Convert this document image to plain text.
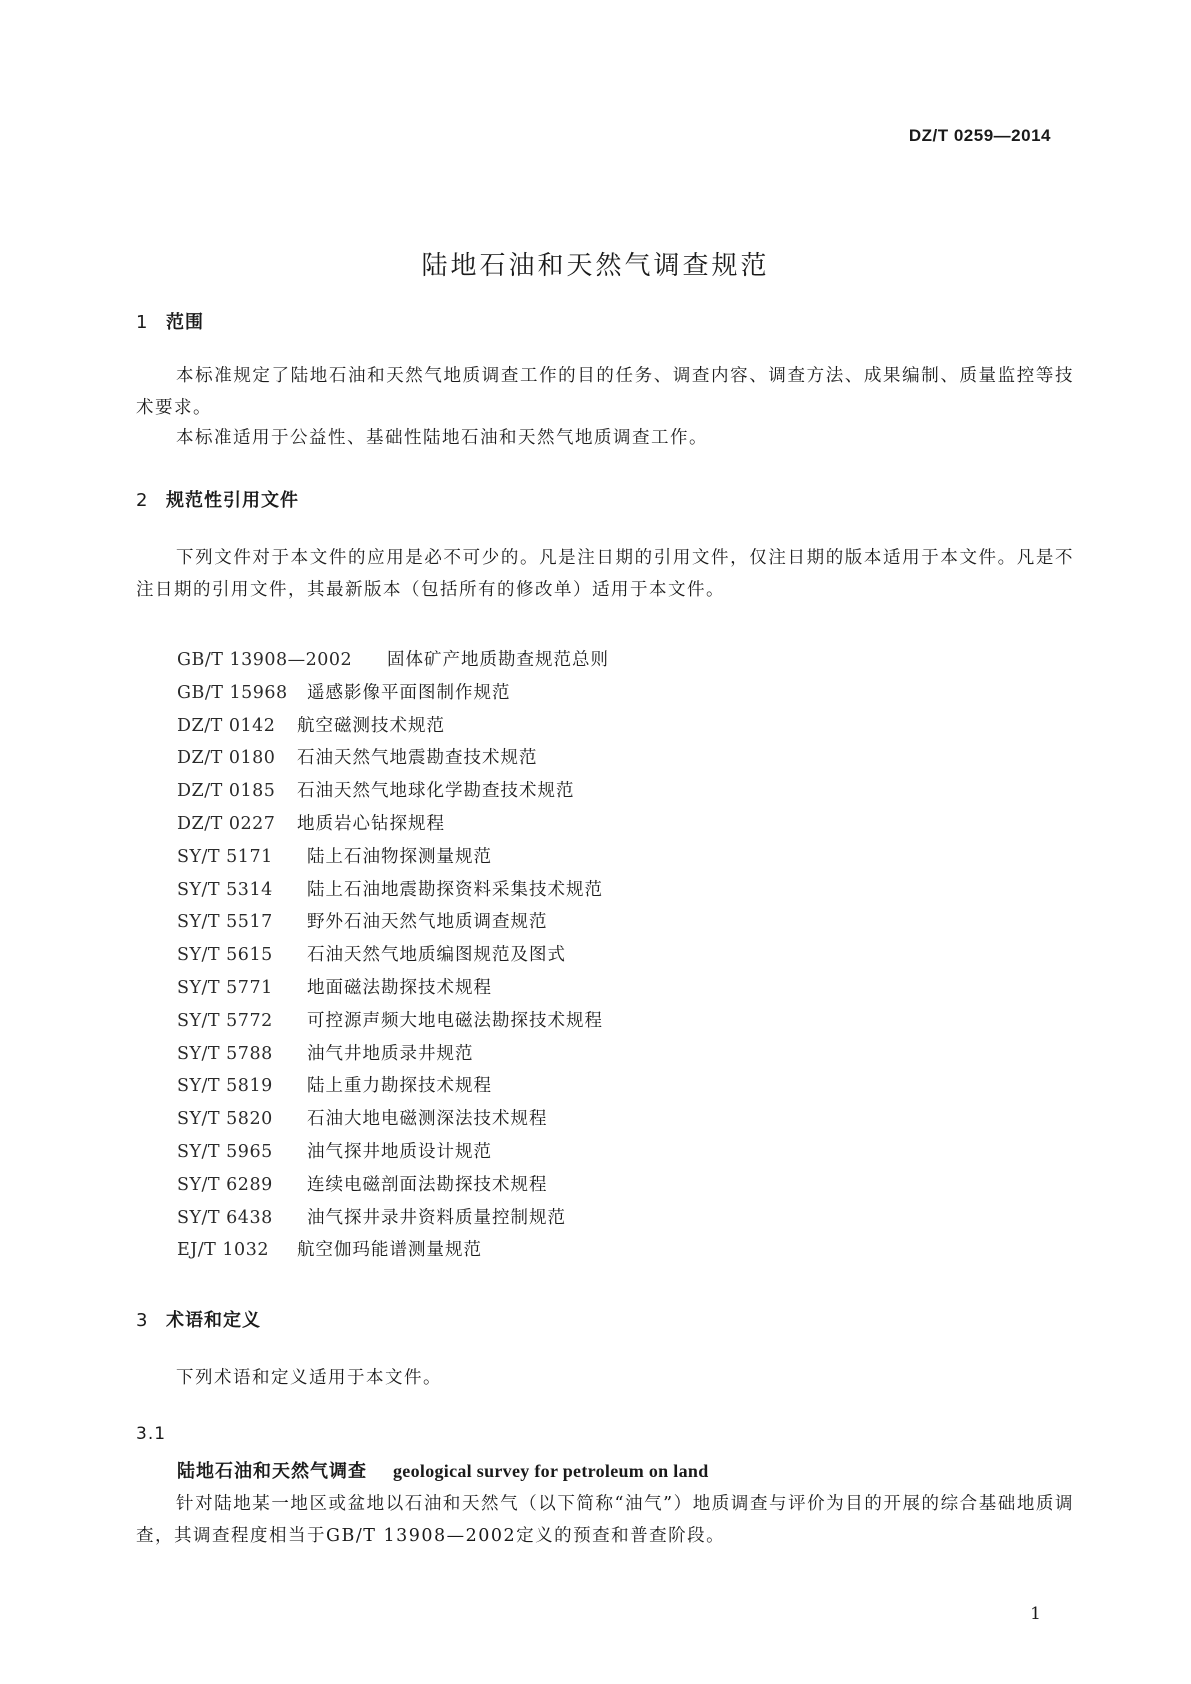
DZ/T 0259—2014
陆地石油和天然气调查规范
1 范围

本标准规定了陆地石油和天然气地质调查工作的目的任务、调查内容、调查方法、成果编制、质量监控等技术要求。

本标准适用于公益性、基础性陆地石油和天然气地质调查工作。

2 规范性引用文件

下列文件对于本文件的应用是必不可少的。凡是注日期的引用文件，仅注日期的版本适用于本文件。凡是不注日期的引用文件，其最新版本（包括所有的修改单）适用于本文件。

GB/T 13908—2002 固体矿产地质勘查规范总则
GB/T 15968 遥感影像平面图制作规范
DZ/T 0142 航空磁测技术规范
DZ/T 0180 石油天然气地震勘查技术规范
DZ/T 0185 石油天然气地球化学勘查技术规范
DZ/T 0227 地质岩心钻探规程
SY/T 5171 陆上石油物探测量规范
SY/T 5314 陆上石油地震勘探资料采集技术规范
SY/T 5517 野外石油天然气地质调查规范
SY/T 5615 石油天然气地质编图规范及图式
SY/T 5771 地面磁法勘探技术规程
SY/T 5772 可控源声频大地电磁法勘探技术规程
SY/T 5788 油气井地质录井规范
SY/T 5819 陆上重力勘探技术规程
SY/T 5820 石油大地电磁测深法技术规程
SY/T 5965 油气探井地质设计规范
SY/T 6289 连续电磁剖面法勘探技术规程
SY/T 6438 油气探井录井资料质量控制规范
EJ/T 1032 航空伽玛能谱测量规范
3 术语和定义

下列术语和定义适用于本文件。

3.1
陆地石油和天然气调查 geological survey for petroleum on land

针对陆地某一地区或盆地以石油和天然气（以下简称“油气”）地质调查与评价为目的开展的综合基础地质调查，其调查程度相当于GB/T 13908—2002定义的预查和普查阶段。

1
